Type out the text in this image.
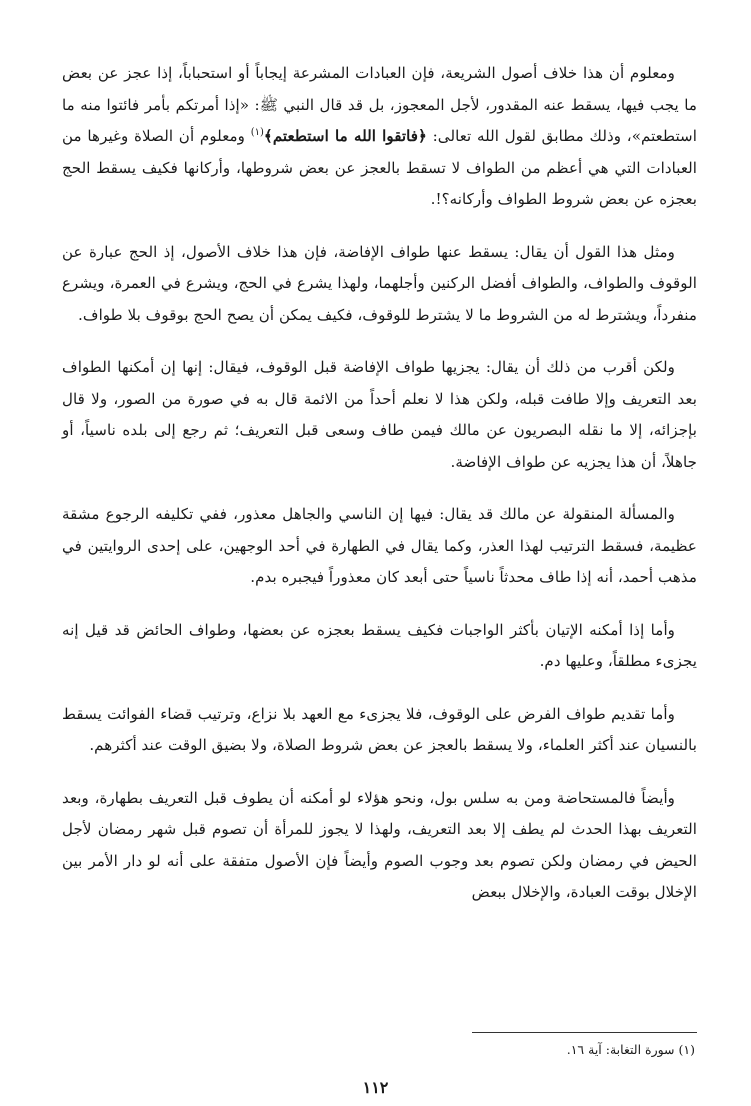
ومعلوم أن هذا خلاف أصول الشريعة، فإن العبادات المشرعة إيجاباً أو استحباباً، إذا عجز عن بعض ما يجب فيها، يسقط عنه المقدور، لأجل المعجوز، بل قد قال النبي ﷺ: «إذا أمرتكم بأمر فائتوا منه ما استطعتم»، وذلك مطابق لقول الله تعالى: ﴿فاتقوا الله ما استطعتم﴾$^{(١)}$ ومعلوم أن الصلاة وغيرها من العبادات التي هي أعظم من الطواف لا تسقط بالعجز عن بعض شروطها، وأركانها فكيف يسقط الحج بعجزه عن بعض شروط الطواف وأركانه؟!.

ومثل هذا القول أن يقال: يسقط عنها طواف الإفاضة، فإن هذا خلاف الأصول، إذ الحج عبارة عن الوقوف والطواف، والطواف أفضل الركنين وأجلهما، ولهذا يشرع في الحج، ويشرع في العمرة، ويشرع منفرداً، ويشترط له من الشروط ما لا يشترط للوقوف، فكيف يمكن أن يصح الحج بوقوف بلا طواف.

ولكن أقرب من ذلك أن يقال: يجزيها طواف الإفاضة قبل الوقوف، فيقال: إنها إن أمكنها الطواف بعد التعريف وإلا طافت قبله، ولكن هذا لا نعلم أحداً من الائمة قال به في صورة من الصور، ولا قال بإجزائه، إلا ما نقله البصريون عن مالك فيمن طاف وسعى قبل التعريف؛ ثم رجع إلى بلده ناسياً، أو جاهلاً، أن هذا يجزيه عن طواف الإفاضة.

والمسألة المنقولة عن مالك قد يقال: فيها إن الناسي والجاهل معذور، ففي تكليفه الرجوع مشقة عظيمة، فسقط الترتيب لهذا العذر، وكما يقال في الطهارة في أحد الوجهين، على إحدى الروايتين في مذهب أحمد، أنه إذا طاف محدثاً ناسياً حتى أبعد كان معذوراً فيجبره بدم.

وأما إذا أمكنه الإتيان بأكثر الواجبات فكيف يسقط بعجزه عن بعضها، وطواف الحائض قد قيل إنه يجزىء مطلقاً، وعليها دم.

وأما تقديم طواف الفرض على الوقوف، فلا يجزىء مع العهد بلا نزاع، وترتيب قضاء الفوائت يسقط بالنسيان عند أكثر العلماء، ولا يسقط بالعجز عن بعض شروط الصلاة، ولا بضيق الوقت عند أكثرهم.

وأيضاً فالمستحاضة ومن به سلس بول، ونحو هؤلاء لو أمكنه أن يطوف قبل التعريف بطهارة، وبعد التعريف بهذا الحدث لم يطف إلا بعد التعريف، ولهذا لا يجوز للمرأة أن تصوم قبل شهر رمضان لأجل الحيض في رمضان ولكن تصوم بعد وجوب الصوم وأيضاً فإن الأصول متفقة على أنه لو دار الأمر بين الإخلال بوقت العبادة، والإخلال ببعض

(١) سورة التغابة: آية ١٦.
١١٢
